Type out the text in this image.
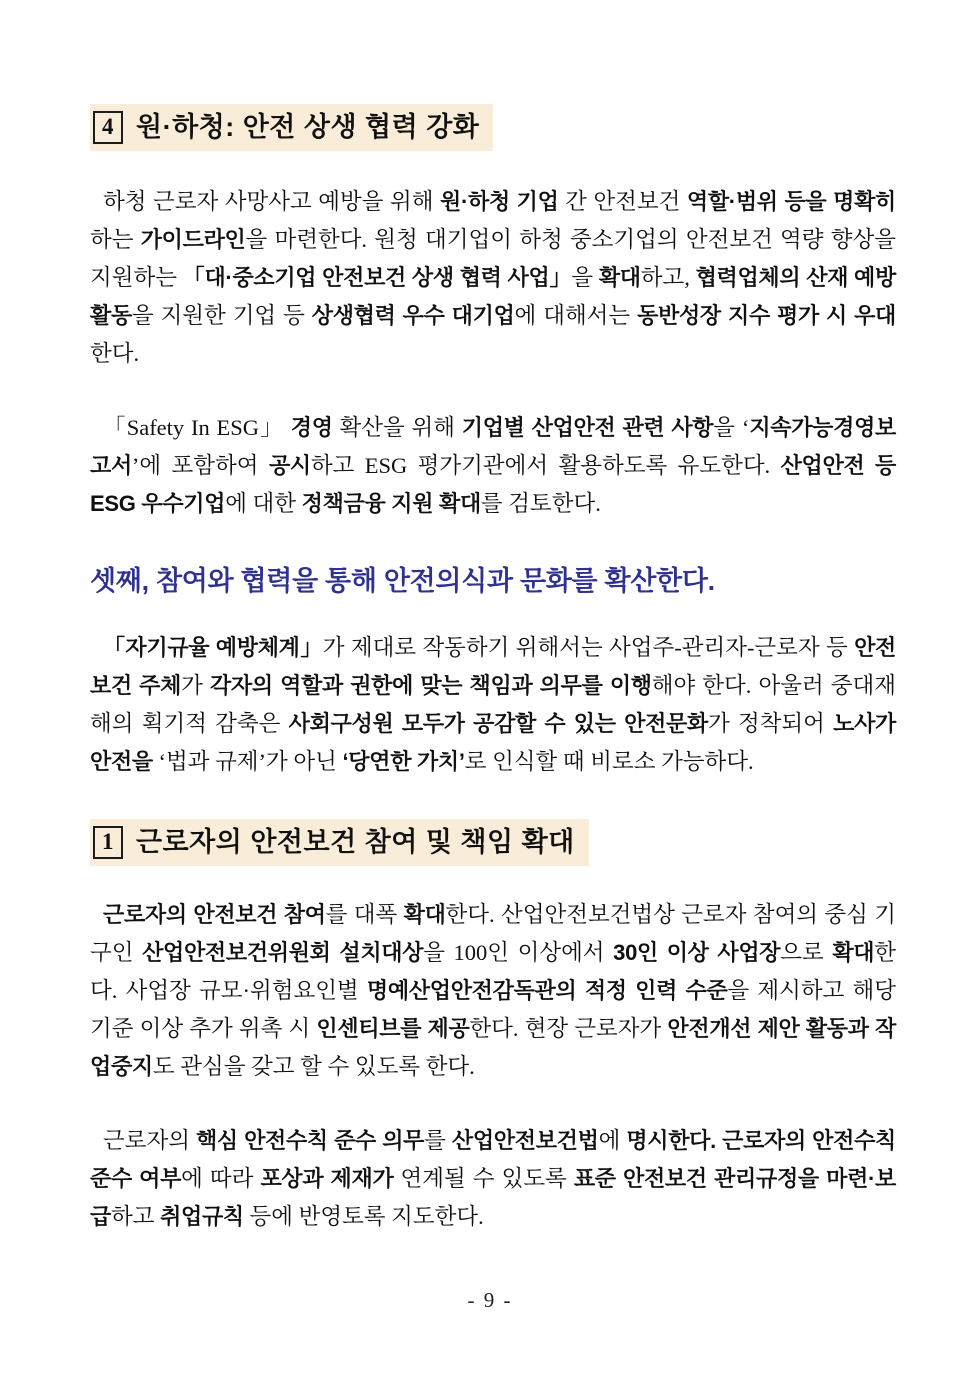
4 원·하청: 안전 상생 협력 강화

하청 근로자 사망사고 예방을 위해 원·하청 기업 간 안전보건 역할·범위 등을 명확히 하는 가이드라인을 마련한다. 원청 대기업이 하청 중소기업의 안전보건 역량 향상을 지원하는 「대·중소기업 안전보건 상생 협력 사업」을 확대하고, 협력업체의 산재 예방활동을 지원한 기업 등 상생협력 우수 대기업에 대해서는 동반성장 지수 평가 시 우대한다.

「Safety In ESG」 경영 확산을 위해 기업별 산업안전 관련 사항을 ‘지속가능경영보고서’에 포함하여 공시하고 ESG 평가기관에서 활용하도록 유도한다. 산업안전 등 ESG 우수기업에 대한 정책금융 지원 확대를 검토한다.

셋째, 참여와 협력을 통해 안전의식과 문화를 확산한다.

「자기규율 예방체계」가 제대로 작동하기 위해서는 사업주-관리자-근로자 등 안전보건 주체가 각자의 역할과 권한에 맞는 책임과 의무를 이행해야 한다. 아울러 중대재해의 획기적 감축은 사회구성원 모두가 공감할 수 있는 안전문화가 정착되어 노사가 안전을 ‘법과 규제’가 아닌 ‘당연한 가치’로 인식할 때 비로소 가능하다.

1 근로자의 안전보건 참여 및 책임 확대

근로자의 안전보건 참여를 대폭 확대한다. 산업안전보건법상 근로자 참여의 중심 기구인 산업안전보건위원회 설치대상을 100인 이상에서 30인 이상 사업장으로 확대한다. 사업장 규모·위험요인별 명예산업안전감독관의 적정 인력 수준을 제시하고 해당 기준 이상 추가 위촉 시 인센티브를 제공한다. 현장 근로자가 안전개선 제안 활동과 작업중지도 관심을 갖고 할 수 있도록 한다.

근로자의 핵심 안전수칙 준수 의무를 산업안전보건법에 명시한다. 근로자의 안전수칙 준수 여부에 따라 포상과 제재가 연계될 수 있도록 표준 안전보건 관리규정을 마련·보급하고 취업규칙 등에 반영토록 지도한다.

- 9 -
